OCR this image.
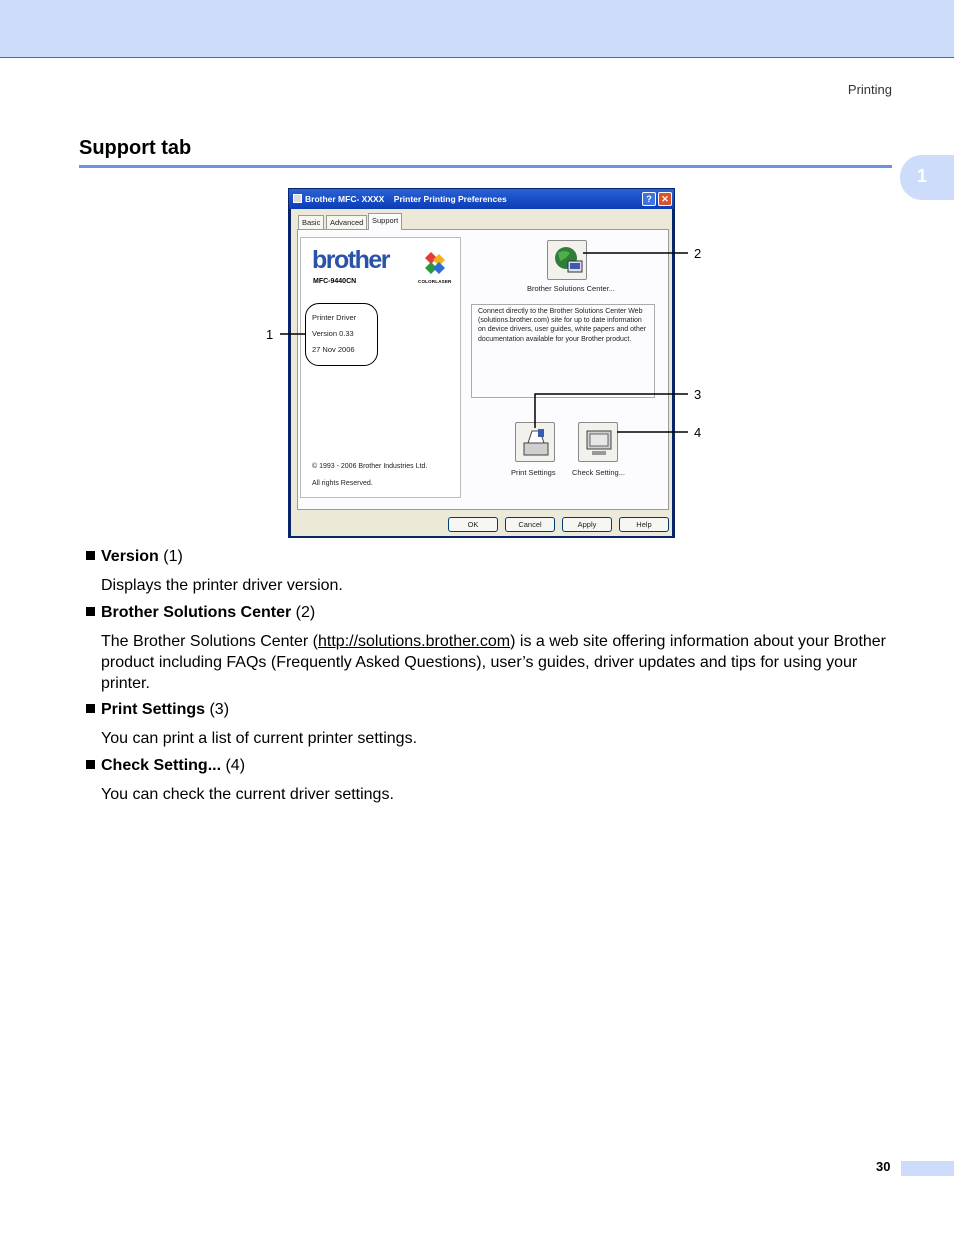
Printing
1
Support tab
Brother MFC- XXXX    Printer Printing Preferences	?	✕
Basic	Advanced	Support
brother
MFC-9440CN	COLORLASER
Printer Driver
Version 0.33
27 Nov 2006
© 1993 - 2006 Brother Industries Ltd.
All rights Reserved.
Brother Solutions Center...
Connect directly to the Brother Solutions Center Web (solutions.brother.com) site for up to date information on device drivers, user guides, white papers and other documentation available for your Brother product.
Print Settings Check Setting...
OK	Cancel	Apply	Help
1
2
3
4
Version (1)
Displays the printer driver version.
Brother Solutions Center (2)
The Brother Solutions Center (http://solutions.brother.com) is a web site offering information about your Brother product including FAQs (Frequently Asked Questions), user’s guides, driver updates and tips for using your printer.
Print Settings (3)
You can print a list of current printer settings.
Check Setting... (4)
You can check the current driver settings.
30
